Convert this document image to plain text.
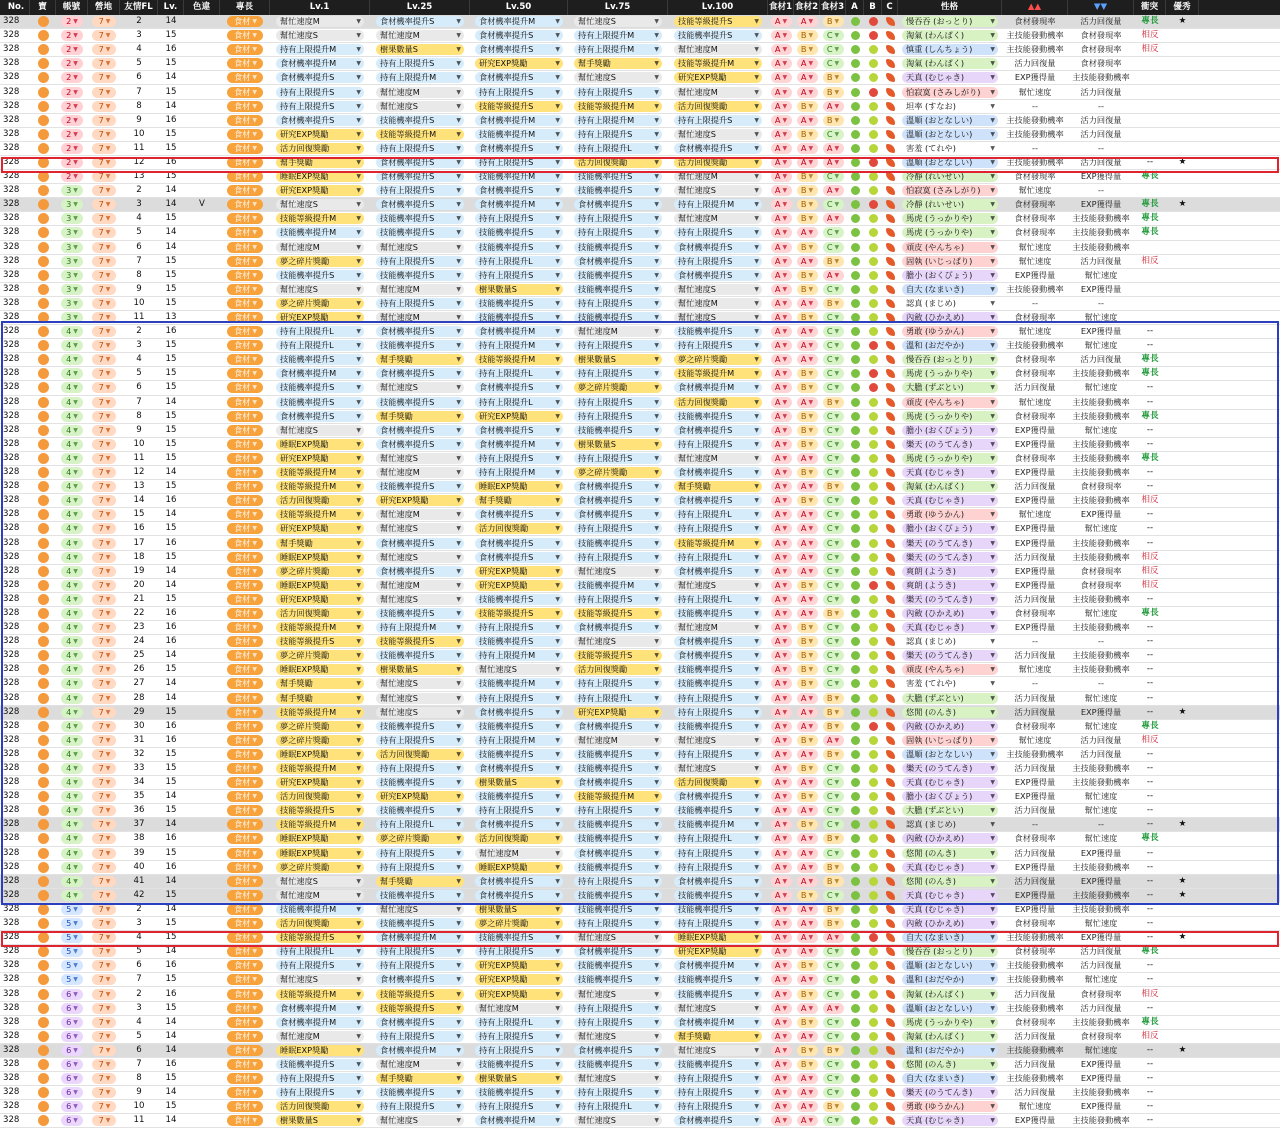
No.	寶	帳號	營地	友情FL	Lv.	色違	專長	Lv.1	Lv.25	Lv.50	Lv.75	Lv.100	食材1 食材2 食材3 A	B	C	性格	▲▲	▼▼	衝突	優秀
328	2 ▼	7 ▼	2	14	食材 ▼	幫忙速度M	▼ 食材機率提升S	▼ 食材機率提升M	▼ 幫忙速度S	▼ 技能等級提升S	▼ A ▼ A ▼ B ▼	慢吞吞 (おっとり)	▼	食材發現率	活力回復量	專長	★
328	2 ▼	7 ▼	3	15	食材 ▼	幫忙速度S	▼ 幫忙速度M	▼ 食材機率提升S	▼ 持有上限提升M	▼ 技能機率提升S	▼ A ▼ B ▼ C ▼	淘氣 (わんぱく)	▼	主技能發動機率	食材發現率	相反
328	2 ▼	7 ▼	4	16	食材 ▼	持有上限提升M	▼ 樹果數量S	▼ 食材機率提升S	▼ 持有上限提升M	▼ 幫忙速度M	▼ A ▼ B ▼ C ▼	慎重 (しんちょう)	▼	主技能發動機率	食材發現率	相反
328	2 ▼	7 ▼	5	15	食材 ▼	食材機率提升M	▼ 持有上限提升S	▼ 研究EXP獎勵	▼ 幫手獎勵	▼ 技能等級提升M	▼ A ▼ A ▼ C ▼	淘氣 (わんぱく)	▼	活力回復量	食材發現率
328	2 ▼	7 ▼	6	14	食材 ▼	食材機率提升S	▼ 持有上限提升M	▼ 食材機率提升S	▼ 幫忙速度S	▼ 研究EXP獎勵	▼ A ▼ A ▼ B ▼	天真 (むじゃき)	▼	EXP獲得量	主技能發動機率
328	2 ▼	7 ▼	7	15	食材 ▼	持有上限提升S	▼ 幫忙速度M	▼ 持有上限提升S	▼ 持有上限提升S	▼ 幫忙速度M	▼ A ▼ A ▼ B ▼	怕寂寞 (さみしがり) ▼	幫忙速度	活力回復量
328	2 ▼	7 ▼	8	14	食材 ▼	持有上限提升S	▼ 幫忙速度S	▼ 技能等級提升S	▼ 技能等級提升M	▼ 活力回復獎勵	▼ A ▼ B ▼ A ▼	坦率 (すなお)	▼	--	--
328	2 ▼	7 ▼	9	16	食材 ▼	食材機率提升S	▼ 技能機率提升S	▼ 食材機率提升M	▼ 持有上限提升M	▼ 持有上限提升S	▼ A ▼ A ▼ B ▼	溫順 (おとなしい)	▼	主技能發動機率	活力回復量
328	2 ▼	7 ▼	10	15	食材 ▼	研究EXP獎勵	▼ 技能等級提升M	▼ 技能機率提升M	▼ 持有上限提升S	▼ 幫忙速度S	▼ A ▼ B ▼ C ▼	溫順 (おとなしい)	▼	主技能發動機率	活力回復量
328	2 ▼	7 ▼	11	15	食材 ▼	活力回復獎勵	▼ 持有上限提升S	▼ 食材機率提升S	▼ 持有上限提升L	▼ 食材機率提升S	▼ A ▼ A ▼ A ▼	害羞 (てれや)	▼	--	--
328	2 ▼	7 ▼	12	16	食材 ▼	幫手獎勵	▼ 食材機率提升S	▼ 持有上限提升S	▼ 活力回復獎勵	▼ 活力回復獎勵	▼ A ▼ A ▼ A ▼	溫順 (おとなしい)	▼	主技能發動機率	活力回復量	--	★
328	2 ▼	7 ▼	13	15	食材 ▼	睡眠EXP獎勵	▼ 食材機率提升S	▼ 技能機率提升M	▼ 技能機率提升S	▼ 幫忙速度M	▼ A ▼ B ▼ C ▼	冷靜 (れいせい)	▼	食材發現率	EXP獲得量	專長
328	3 ▼	7 ▼	2	14	食材 ▼	研究EXP獎勵	▼ 持有上限提升S	▼ 食材機率提升S	▼ 技能機率提升S	▼ 幫忙速度S	▼ A ▼ B ▼ A ▼	怕寂寞 (さみしがり) ▼	幫忙速度	--
328	3 ▼	7 ▼	3	14	V	食材 ▼	幫忙速度S	▼ 食材機率提升S	▼ 食材機率提升M	▼ 食材機率提升S	▼ 持有上限提升M	▼ A ▼ B ▼ C ▼	冷靜 (れいせい)	▼	食材發現率	EXP獲得量	專長	★
328	3 ▼	7 ▼	4	15	食材 ▼	技能等級提升M	▼ 技能機率提升S	▼ 持有上限提升S	▼ 持有上限提升S	▼ 幫忙速度M	▼ A ▼ B ▼ A ▼	馬虎 (うっかりや)	▼	食材發現率	主技能發動機率	專長
328	3 ▼	7 ▼	5	14	食材 ▼	技能機率提升M	▼ 技能機率提升S	▼ 技能機率提升S	▼ 持有上限提升S	▼ 持有上限提升S	▼ A ▼ A ▼ C ▼	馬虎 (うっかりや)	▼	食材發現率	主技能發動機率	專長
328	3 ▼	7 ▼	6	14	食材 ▼	幫忙速度M	▼ 幫忙速度S	▼ 技能機率提升S	▼ 技能機率提升S	▼ 食材機率提升S	▼ A ▼ B ▼ C ▼	頑皮 (やんちゃ)	▼	幫忙速度	主技能發動機率
328	3 ▼	7 ▼	7	15	食材 ▼	夢之碎片獎勵	▼ 持有上限提升S	▼ 持有上限提升L	▼ 食材機率提升S	▼ 持有上限提升S	▼ A ▼ A ▼ B ▼	固執 (いじっぱり)	▼	幫忙速度	活力回復量	相反
328	3 ▼	7 ▼	8	15	食材 ▼	技能機率提升S	▼ 技能機率提升S	▼ 持有上限提升S	▼ 技能機率提升S	▼ 食材機率提升S	▼ A ▼ B ▼ A ▼	膽小 (おくびょう)	▼	EXP獲得量	幫忙速度
328	3 ▼	7 ▼	9	15	食材 ▼	幫忙速度S	▼ 幫忙速度M	▼ 樹果數量S	▼ 技能機率提升S	▼ 幫忙速度S	▼ A ▼ B ▼ C ▼	自大 (なまいき)	▼	主技能發動機率	EXP獲得量
328	3 ▼	7 ▼	10	15	食材 ▼	夢之碎片獎勵	▼ 持有上限提升S	▼ 技能機率提升S	▼ 持有上限提升S	▼ 幫忙速度M	▼ A ▼ A ▼ B ▼	認真 (まじめ)	▼	--	--
328	3 ▼	7 ▼	11	13	食材 ▼	研究EXP獎勵	▼ 幫忙速度M	▼ 技能機率提升S	▼ 技能機率提升S	▼ 幫忙速度S	▼ A ▼ B ▼ C ▼	內斂 (ひかえめ)	▼	食材發現率	幫忙速度
328	4 ▼	7 ▼	2	16	食材 ▼	持有上限提升L	▼ 食材機率提升S	▼ 食材機率提升M	▼ 幫忙速度M	▼ 技能機率提升S	▼ A ▼ A ▼ C ▼	勇敢 (ゆうかん)	▼	幫忙速度	EXP獲得量	--
328	4 ▼	7 ▼	3	15	食材 ▼	持有上限提升L	▼ 技能機率提升S	▼ 持有上限提升M	▼ 持有上限提升S	▼ 持有上限提升S	▼ A ▼ A ▼ C ▼	溫和 (おだやか)	▼	主技能發動機率	幫忙速度	--
328	4 ▼	7 ▼	4	15	食材 ▼	技能機率提升S	▼ 幫手獎勵	▼ 技能等級提升M	▼ 樹果數量S	▼ 夢之碎片獎勵	▼ A ▼ A ▼ C ▼	慢吞吞 (おっとり)	▼	食材發現率	活力回復量	專長
328	4 ▼	7 ▼	5	15	食材 ▼	食材機率提升M	▼ 食材機率提升S	▼ 持有上限提升L	▼ 持有上限提升S	▼ 技能等級提升M	▼ A ▼ B ▼ C ▼	馬虎 (うっかりや)	▼	食材發現率	主技能發動機率	專長
328	4 ▼	7 ▼	6	15	食材 ▼	技能機率提升S	▼ 幫忙速度S	▼ 食材機率提升S	▼ 夢之碎片獎勵	▼ 食材機率提升M	▼ A ▼ B ▼ C ▼	大膽 (ずぶとい)	▼	活力回復量	幫忙速度	--
328	4 ▼	7 ▼	7	14	食材 ▼	技能機率提升S	▼ 技能機率提升S	▼ 持有上限提升L	▼ 持有上限提升S	▼ 活力回復獎勵	▼ A ▼ A ▼ B ▼	頑皮 (やんちゃ)	▼	幫忙速度	主技能發動機率	--
328	4 ▼	7 ▼	8	15	食材 ▼	食材機率提升S	▼ 幫手獎勵	▼ 研究EXP獎勵	▼ 持有上限提升S	▼ 技能機率提升S	▼ A ▼ B ▼ C ▼	馬虎 (うっかりや)	▼	食材發現率	主技能發動機率	專長
328	4 ▼	7 ▼	9	15	食材 ▼	幫忙速度S	▼ 食材機率提升S	▼ 食材機率提升S	▼ 技能機率提升S	▼ 食材機率提升S	▼ A ▼ B ▼ C ▼	膽小 (おくびょう)	▼	EXP獲得量	幫忙速度	--
328	4 ▼	7 ▼	10	15	食材 ▼	睡眠EXP獎勵	▼ 食材機率提升S	▼ 食材機率提升M	▼ 樹果數量S	▼ 持有上限提升S	▼ A ▼ B ▼ C ▼	樂天 (のうてんき)	▼	EXP獲得量	主技能發動機率	--
328	4 ▼	7 ▼	11	15	食材 ▼	研究EXP獎勵	▼ 幫忙速度S	▼ 持有上限提升S	▼ 持有上限提升S	▼ 幫忙速度M	▼ A ▼ A ▼ C ▼	馬虎 (うっかりや)	▼	食材發現率	主技能發動機率	專長
328	4 ▼	7 ▼	12	14	食材 ▼	技能等級提升M	▼ 幫忙速度M	▼ 持有上限提升M	▼ 夢之碎片獎勵	▼ 食材機率提升S	▼ A ▼ B ▼ C ▼	天真 (むじゃき)	▼	EXP獲得量	主技能發動機率	--
328	4 ▼	7 ▼	13	15	食材 ▼	技能等級提升M	▼ 技能機率提升S	▼ 睡眠EXP獎勵	▼ 食材機率提升S	▼ 幫手獎勵	▼ A ▼ A ▼ B ▼	淘氣 (わんぱく)	▼	活力回復量	食材發現率	--
328	4 ▼	7 ▼	14	16	食材 ▼	活力回復獎勵	▼ 研究EXP獎勵	▼ 幫手獎勵	▼ 食材機率提升S	▼ 食材機率提升S	▼ A ▼ B ▼ C ▼	天真 (むじゃき)	▼	EXP獲得量	主技能發動機率	相反
328	4 ▼	7 ▼	15	14	食材 ▼	技能等級提升M	▼ 幫忙速度M	▼ 食材機率提升S	▼ 食材機率提升S	▼ 持有上限提升L	▼ A ▼ A ▼ C ▼	勇敢 (ゆうかん)	▼	幫忙速度	EXP獲得量	--
328	4 ▼	7 ▼	16	15	食材 ▼	研究EXP獎勵	▼ 幫忙速度S	▼ 活力回復獎勵	▼ 持有上限提升S	▼ 持有上限提升S	▼ A ▼ A ▼ C ▼	膽小 (おくびょう)	▼	EXP獲得量	幫忙速度	--
328	4 ▼	7 ▼	17	16	食材 ▼	幫手獎勵	▼ 食材機率提升S	▼ 食材機率提升S	▼ 技能機率提升S	▼ 技能等級提升M	▼ A ▼ A ▼ C ▼	樂天 (のうてんき)	▼	EXP獲得量	主技能發動機率	--
328	4 ▼	7 ▼	18	15	食材 ▼	睡眠EXP獎勵	▼ 幫忙速度S	▼ 食材機率提升S	▼ 持有上限提升S	▼ 持有上限提升L	▼ A ▼ A ▼ C ▼	樂天 (のうてんき)	▼	活力回復量	主技能發動機率	相反
328	4 ▼	7 ▼	19	14	食材 ▼	夢之碎片獎勵	▼ 食材機率提升S	▼ 研究EXP獎勵	▼ 幫忙速度S	▼ 食材機率提升S	▼ A ▼ A ▼ C ▼	爽朗 (ようき)	▼	EXP獲得量	食材發現率	相反
328	4 ▼	7 ▼	20	14	食材 ▼	睡眠EXP獎勵	▼ 幫忙速度M	▼ 研究EXP獎勵	▼ 技能機率提升M	▼ 幫忙速度S	▼ A ▼ B ▼ C ▼	爽朗 (ようき)	▼	EXP獲得量	食材發現率	相反
328	4 ▼	7 ▼	21	15	食材 ▼	研究EXP獎勵	▼ 幫忙速度S	▼ 技能機率提升S	▼ 持有上限提升S	▼ 持有上限提升L	▼ A ▼ A ▼ C ▼	樂天 (のうてんき)	▼	活力回復量	主技能發動機率	--
328	4 ▼	7 ▼	22	16	食材 ▼	活力回復獎勵	▼ 技能機率提升S	▼ 技能等級提升S	▼ 技能等級提升S	▼ 技能機率提升S	▼ A ▼ A ▼ B ▼	內斂 (ひかえめ)	▼	食材發現率	幫忙速度	專長
328	4 ▼	7 ▼	23	16	食材 ▼	技能等級提升M	▼ 持有上限提升M	▼ 持有上限提升S	▼ 食材機率提升S	▼ 幫忙速度M	▼ A ▼ B ▼ C ▼	天真 (むじゃき)	▼	EXP獲得量	主技能發動機率	--
328	4 ▼	7 ▼	24	16	食材 ▼	技能等級提升S	▼ 技能等級提升S	▼ 技能機率提升S	▼ 幫忙速度S	▼ 食材機率提升S	▼ A ▼ B ▼ C ▼	認真 (まじめ)	▼	--	--	--
328	4 ▼	7 ▼	25	14	食材 ▼	夢之碎片獎勵	▼ 技能機率提升S	▼ 持有上限提升M	▼ 技能等級提升S	▼ 食材機率提升S	▼ A ▼ B ▼ C ▼	樂天 (のうてんき)	▼	活力回復量	主技能發動機率	--
328	4 ▼	7 ▼	26	15	食材 ▼	睡眠EXP獎勵	▼ 樹果數量S	▼ 幫忙速度S	▼ 活力回復獎勵	▼ 技能機率提升S	▼ A ▼ B ▼ C ▼	頑皮 (やんちゃ)	▼	幫忙速度	主技能發動機率	--
328	4 ▼	7 ▼	27	14	食材 ▼	幫手獎勵	▼ 幫忙速度S	▼ 技能機率提升M	▼ 持有上限提升S	▼ 技能機率提升S	▼ A ▼ B ▼ C ▼	害羞 (てれや)	▼	--	--	--
328	4 ▼	7 ▼	28	14	食材 ▼	幫手獎勵	▼ 幫忙速度S	▼ 持有上限提升S	▼ 持有上限提升L	▼ 持有上限提升S	▼ A ▼ A ▼ B ▼	大膽 (ずぶとい)	▼	活力回復量	幫忙速度	--
328	4 ▼	7 ▼	29	15	食材 ▼	技能等級提升M	▼ 幫忙速度S	▼ 食材機率提升S	▼ 研究EXP獎勵	▼ 持有上限提升S	▼ A ▼ A ▼ B ▼	悠閒 (のんき)	▼	活力回復量	EXP獲得量	--	★
328	4 ▼	7 ▼	30	16	食材 ▼	夢之碎片獎勵	▼ 技能機率提升S	▼ 技能機率提升S	▼ 食材機率提升S	▼ 技能機率提升S	▼ A ▼ A ▼ B ▼	內斂 (ひかえめ)	▼	食材發現率	幫忙速度	專長
328	4 ▼	7 ▼	31	16	食材 ▼	夢之碎片獎勵	▼ 持有上限提升S	▼ 持有上限提升M	▼ 幫忙速度M	▼ 幫忙速度S	▼ A ▼ B ▼ A ▼	固執 (いじっぱり)	▼	幫忙速度	活力回復量	相反
328	4 ▼	7 ▼	32	15	食材 ▼	睡眠EXP獎勵	▼ 活力回復獎勵	▼ 技能機率提升S	▼ 技能機率提升S	▼ 持有上限提升S	▼ A ▼ A ▼ B ▼	溫順 (おとなしい)	▼	主技能發動機率	活力回復量	--
328	4 ▼	7 ▼	33	15	食材 ▼	技能等級提升M	▼ 持有上限提升S	▼ 食材機率提升S	▼ 技能機率提升S	▼ 幫忙速度S	▼ A ▼ B ▼ C ▼	樂天 (のうてんき)	▼	活力回復量	主技能發動機率	--
328	4 ▼	7 ▼	34	15	食材 ▼	研究EXP獎勵	▼ 技能機率提升S	▼ 樹果數量S	▼ 食材機率提升S	▼ 活力回復獎勵	▼ A ▼ A ▼ C ▼	天真 (むじゃき)	▼	EXP獲得量	主技能發動機率	--
328	4 ▼	7 ▼	35	14	食材 ▼	活力回復獎勵	▼ 研究EXP獎勵	▼ 技能機率提升S	▼ 技能等級提升M	▼ 食材機率提升S	▼ A ▼ B ▼ C ▼	膽小 (おくびょう)	▼	EXP獲得量	幫忙速度	--
328	4 ▼	7 ▼	36	15	食材 ▼	技能等級提升S	▼ 技能機率提升S	▼ 持有上限提升S	▼ 持有上限提升S	▼ 技能機率提升S	▼ A ▼ A ▼ C ▼	大膽 (ずぶとい)	▼	活力回復量	幫忙速度	--
328	4 ▼	7 ▼	37	14	食材 ▼	技能等級提升M	▼ 持有上限提升L	▼ 食材機率提升S	▼ 技能機率提升S	▼ 技能機率提升M	▼ A ▼ B ▼ C ▼	認真 (まじめ)	▼	--	--	--	★
328	4 ▼	7 ▼	38	16	食材 ▼	睡眠EXP獎勵	▼ 夢之碎片獎勵	▼ 活力回復獎勵	▼ 技能機率提升S	▼ 持有上限提升L	▼ A ▼ A ▼ B ▼	內斂 (ひかえめ)	▼	食材發現率	幫忙速度	專長
328	4 ▼	7 ▼	39	15	食材 ▼	睡眠EXP獎勵	▼ 持有上限提升S	▼ 幫忙速度M	▼ 食材機率提升S	▼ 持有上限提升S	▼ A ▼ A ▼ C ▼	悠閒 (のんき)	▼	活力回復量	EXP獲得量	--
328	4 ▼	7 ▼	40	16	食材 ▼	夢之碎片獎勵	▼ 持有上限提升S	▼ 睡眠EXP獎勵	▼ 技能機率提升S	▼ 持有上限提升S	▼ A ▼ A ▼ B ▼	天真 (むじゃき)	▼	EXP獲得量	主技能發動機率	--
328	4 ▼	7 ▼	41	14	食材 ▼	幫忙速度S	▼ 幫手獎勵	▼ 食材機率提升S	▼ 持有上限提升S	▼ 食材機率提升S	▼ A ▼ A ▼ B ▼	悠閒 (のんき)	▼	活力回復量	EXP獲得量	--	★
328	4 ▼	7 ▼	42	15	食材 ▼	幫忙速度M	▼ 技能機率提升S	▼ 食材機率提升S	▼ 技能機率提升S	▼ 技能機率提升S	▼ A ▼ B ▼ C ▼	天真 (むじゃき)	▼	EXP獲得量	主技能發動機率	--	★
328	5 ▼	7 ▼	2	14	食材 ▼	技能機率提升M	▼ 幫忙速度S	▼ 樹果數量S	▼ 技能機率提升S	▼ 技能機率提升S	▼ A ▼ A ▼ B ▼	天真 (むじゃき)	▼	EXP獲得量	主技能發動機率	--
328	5 ▼	7 ▼	3	15	食材 ▼	活力回復獎勵	▼ 技能機率提升S	▼ 夢之碎片獎勵	▼ 持有上限提升S	▼ 持有上限提升S	▼ A ▼ A ▼ B ▼	內斂 (ひかえめ)	▼	食材發現率	幫忙速度	--
328	5 ▼	7 ▼	4	15	食材 ▼	技能等級提升S	▼ 食材機率提升M	▼ 技能機率提升S	▼ 幫忙速度S	▼ 睡眠EXP獎勵	▼ A ▼ A ▼ A ▼	自大 (なまいき)	▼	主技能發動機率	EXP獲得量	--	★
328	5 ▼	7 ▼	5	14	食材 ▼	持有上限提升L	▼ 持有上限提升S	▼ 持有上限提升S	▼ 食材機率提升S	▼ 研究EXP獎勵	▼ A ▼ A ▼ C ▼	慢吞吞 (おっとり)	▼	食材發現率	活力回復量	專長
328	5 ▼	7 ▼	6	16	食材 ▼	持有上限提升S	▼ 持有上限提升S	▼ 研究EXP獎勵	▼ 技能機率提升S	▼ 食材機率提升M	▼ A ▼ B ▼ C ▼	溫順 (おとなしい)	▼	主技能發動機率	活力回復量	--
328	5 ▼	7 ▼	7	15	食材 ▼	幫忙速度S	▼ 食材機率提升S	▼ 研究EXP獎勵	▼ 技能機率提升S	▼ 技能機率提升S	▼ A ▼ A ▼ C ▼	溫和 (おだやか)	▼	主技能發動機率	幫忙速度	--
328	6 ▼	7 ▼	2	16	食材 ▼	技能等級提升M	▼ 技能等級提升S	▼ 研究EXP獎勵	▼ 幫忙速度S	▼ 技能機率提升S	▼ A ▼ B ▼ C ▼	淘氣 (わんぱく)	▼	活力回復量	食材發現率	相反
328	6 ▼	7 ▼	3	15	食材 ▼	食材機率提升M	▼ 技能等級提升S	▼ 幫忙速度M	▼ 持有上限提升S	▼ 幫忙速度S	▼ A ▼ A ▼ A ▼	溫順 (おとなしい)	▼	主技能發動機率	活力回復量	--
328	6 ▼	7 ▼	4	14	食材 ▼	食材機率提升M	▼ 食材機率提升S	▼ 持有上限提升L	▼ 持有上限提升S	▼ 食材機率提升M	▼ A ▼ B ▼ C ▼	馬虎 (うっかりや)	▼	食材發現率	主技能發動機率	專長
328	6 ▼	7 ▼	5	14	食材 ▼	幫忙速度M	▼ 持有上限提升S	▼ 持有上限提升S	▼ 幫忙速度S	▼ 幫手獎勵	▼ A ▼ A ▼ C ▼	淘氣 (わんぱく)	▼	活力回復量	食材發現率	相反
328	6 ▼	7 ▼	6	14	食材 ▼	睡眠EXP獎勵	▼ 食材機率提升M	▼ 持有上限提升S	▼ 食材機率提升S	▼ 幫忙速度S	▼ A ▼ B ▼ B ▼	溫和 (おだやか)	▼	主技能發動機率	幫忙速度	--	★
328	6 ▼	7 ▼	7	16	食材 ▼	技能機率提升S	▼ 幫忙速度M	▼ 技能機率提升S	▼ 技能機率提升S	▼ 技能機率提升S	▼ A ▼ B ▼ C ▼	悠閒 (のんき)	▼	活力回復量	EXP獲得量	--
328	6 ▼	7 ▼	8	15	食材 ▼	持有上限提升S	▼ 幫手獎勵	▼ 樹果數量S	▼ 幫忙速度S	▼ 持有上限提升S	▼ A ▼ A ▼ C ▼	自大 (なまいき)	▼	主技能發動機率	EXP獲得量	--
328	6 ▼	7 ▼	9	14	食材 ▼	持有上限提升S	▼ 技能機率提升S	▼ 技能機率提升S	▼ 持有上限提升S	▼ 持有上限提升S	▼ A ▼ A ▼ C ▼	樂天 (のうてんき)	▼	活力回復量	主技能發動機率	--
328	6 ▼	7 ▼	10	15	食材 ▼	活力回復獎勵	▼ 持有上限提升S	▼ 持有上限提升S	▼ 持有上限提升L	▼ 持有上限提升S	▼ A ▼ A ▼ B ▼	勇敢 (ゆうかん)	▼	幫忙速度	EXP獲得量	--
328	6 ▼	7 ▼	11	14	食材 ▼	樹果數量S	▼ 幫忙速度S	▼ 食材機率提升M	▼ 幫忙速度S	▼ 食材機率提升S	▼ A ▼ A ▼ C ▼	天真 (むじゃき)	▼	EXP獲得量	主技能發動機率	--
